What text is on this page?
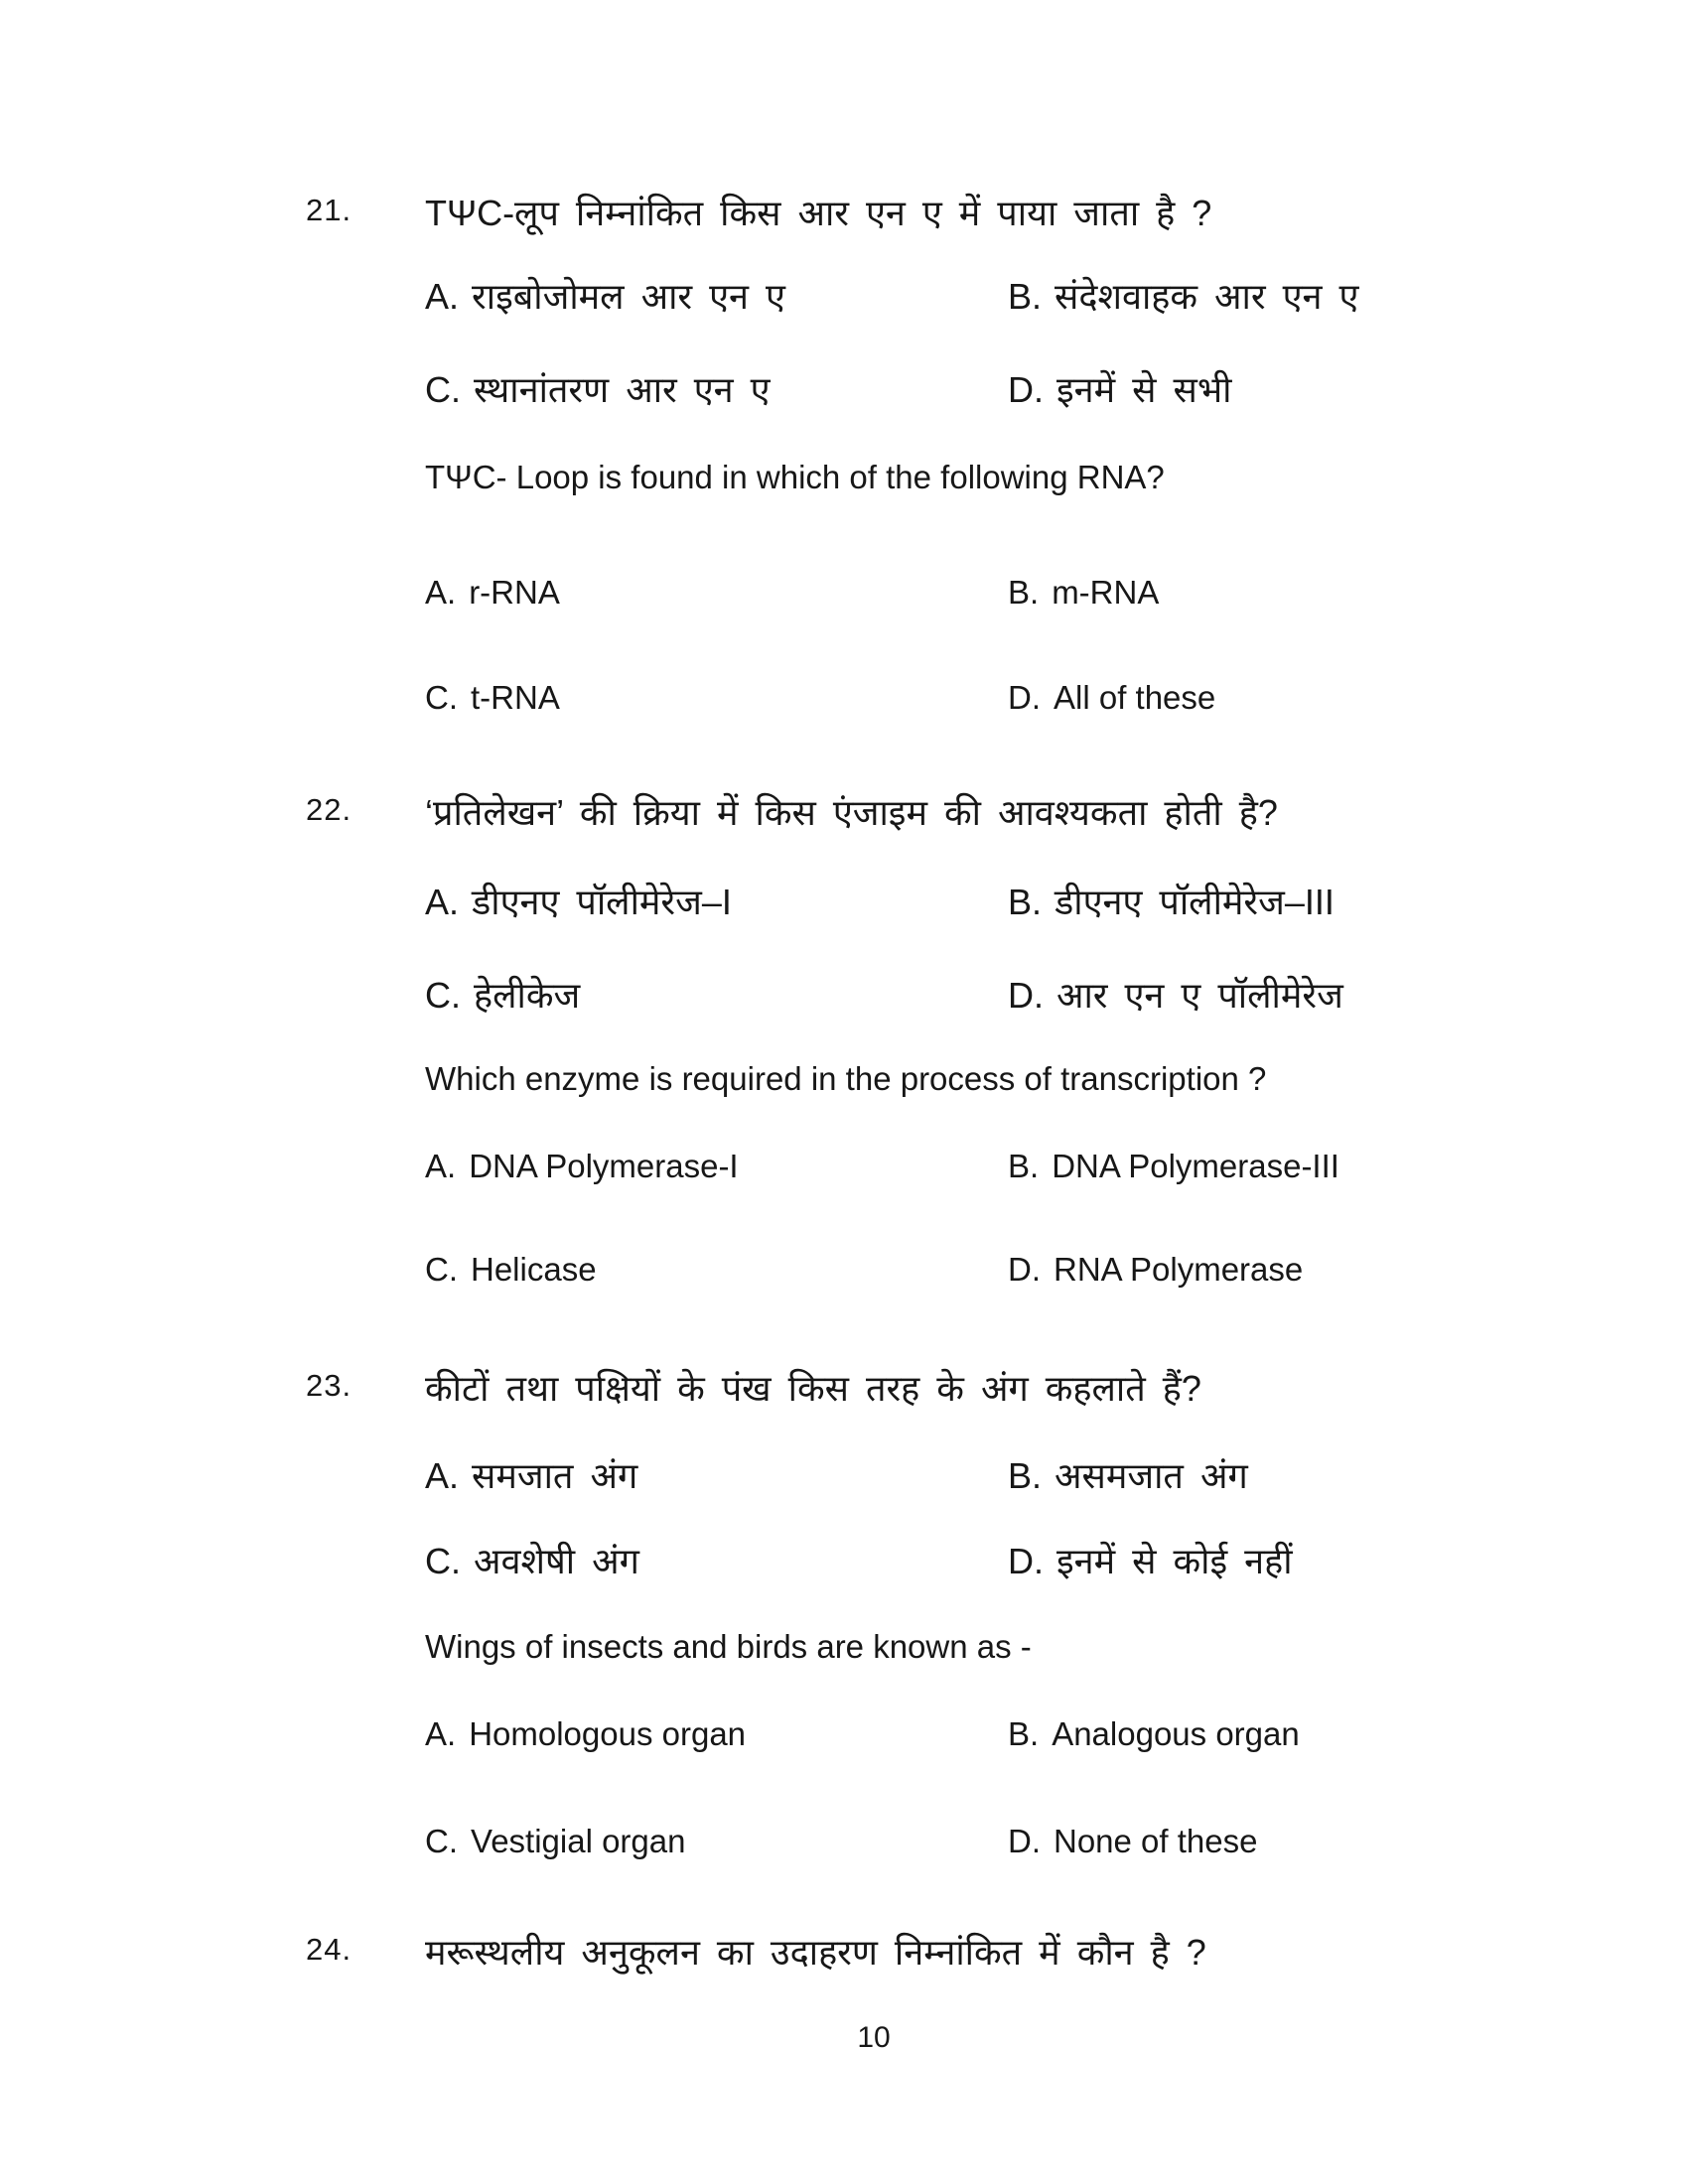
21. TΨC-लूप निम्नांकित किस आर एन ए में पाया जाता है ?
A. राइबोजोमल आर एन ए	B. संदेशवाहक आर एन ए
C. स्थानांतरण आर एन ए	D. इनमें से सभी
TΨC- Loop is found in which of the following RNA?
A. r-RNA	B. m-RNA
C. t-RNA	D. All of these
22. ‘प्रतिलेखन’ की क्रिया में किस एंजाइम की आवश्यकता होती है?
A. डीएनए पॉलीमेरेज–I	B. डीएनए पॉलीमेरेज–III
C. हेलीकेज	D. आर एन ए पॉलीमेरेज
Which enzyme is required in the process of transcription ?
A. DNA Polymerase-I	B. DNA Polymerase-III
C. Helicase	D. RNA Polymerase
23. कीटों तथा पक्षियों के पंख किस तरह के अंग कहलाते हैं?
A. समजात अंग	B. असमजात अंग
C. अवशेषी अंग	D. इनमें से कोई नहीं
Wings of insects and birds are known as -
A. Homologous organ	B. Analogous organ
C. Vestigial organ	D. None of these
24. मरूस्थलीय अनुकूलन का उदाहरण निम्नांकित में कौन है ?
10
